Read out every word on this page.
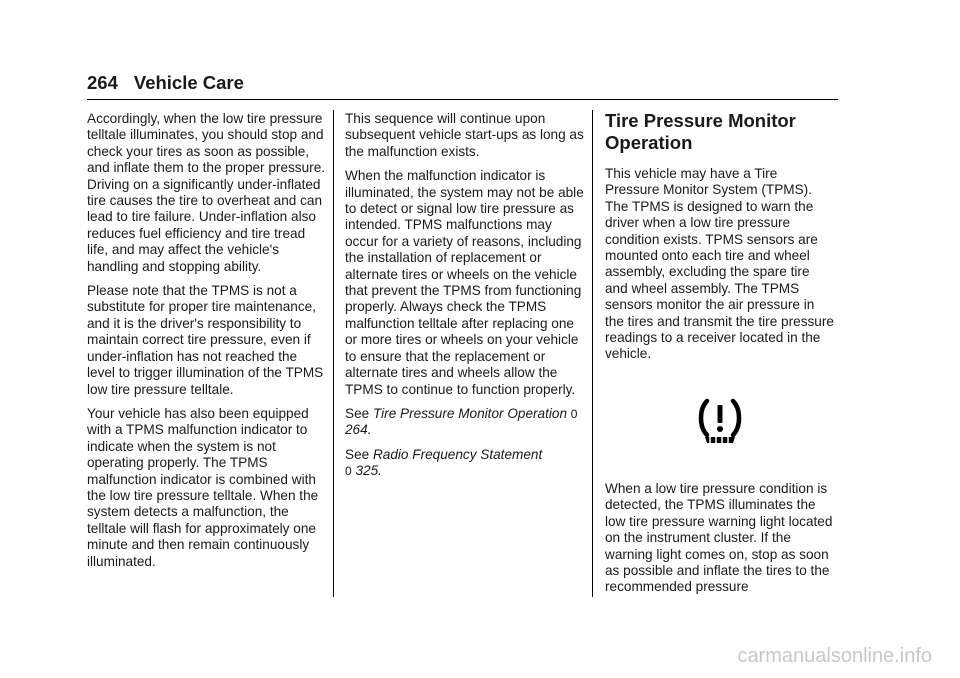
264 Vehicle Care

Accordingly, when the low tire pressure telltale illuminates, you should stop and check your tires as soon as possible, and inflate them to the proper pressure. Driving on a significantly under-inflated tire causes the tire to overheat and can lead to tire failure. Under-inflation also reduces fuel efficiency and tire tread life, and may affect the vehicle's handling and stopping ability.

Please note that the TPMS is not a substitute for proper tire maintenance, and it is the driver's responsibility to maintain correct tire pressure, even if under-inflation has not reached the level to trigger illumination of the TPMS low tire pressure telltale.

Your vehicle has also been equipped with a TPMS malfunction indicator to indicate when the system is not operating properly. The TPMS malfunction indicator is combined with the low tire pressure telltale. When the system detects a malfunction, the telltale will flash for approximately one minute and then remain continuously illuminated.

This sequence will continue upon subsequent vehicle start-ups as long as the malfunction exists.

When the malfunction indicator is illuminated, the system may not be able to detect or signal low tire pressure as intended. TPMS malfunctions may occur for a variety of reasons, including the installation of replacement or alternate tires or wheels on the vehicle that prevent the TPMS from functioning properly. Always check the TPMS malfunction telltale after replacing one or more tires or wheels on your vehicle to ensure that the replacement or alternate tires and wheels allow the TPMS to continue to function properly.

See Tire Pressure Monitor Operation 0 264.

See Radio Frequency Statement
0 325.

Tire Pressure Monitor Operation

This vehicle may have a Tire Pressure Monitor System (TPMS). The TPMS is designed to warn the driver when a low tire pressure condition exists. TPMS sensors are mounted onto each tire and wheel assembly, excluding the spare tire and wheel assembly. The TPMS sensors monitor the air pressure in the tires and transmit the tire pressure readings to a receiver located in the vehicle.

When a low tire pressure condition is detected, the TPMS illuminates the low tire pressure warning light located on the instrument cluster. If the warning light comes on, stop as soon as possible and inflate the tires to the recommended pressure

carmanualsonline.info
